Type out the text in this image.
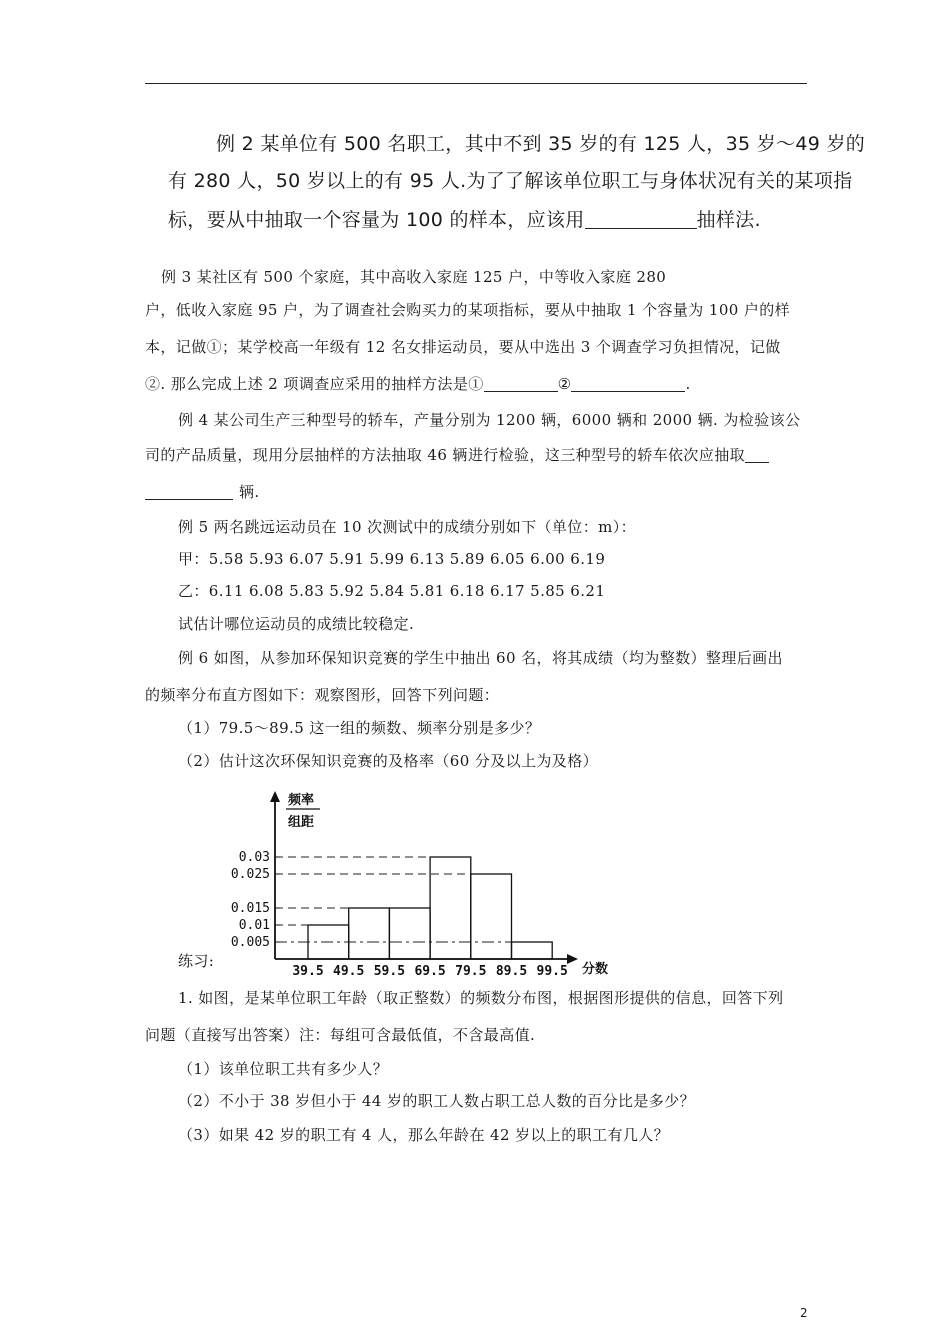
例 2 某单位有 500 名职工，其中不到 35 岁的有 125 人，35 岁～49 岁的
有 280 人，50 岁以上的有 95 人.为了了解该单位职工与身体状况有关的某项指
标，要从中抽取一个容量为 100 的样本，应该用	抽样法.
例 3 某社区有 500 个家庭，其中高收入家庭 125 户，中等收入家庭 280
户，低收入家庭 95 户，为了调查社会购买力的某项指标，要从中抽取 1 个容量为 100 户的样
本，记做①；某学校高一年级有 12 名女排运动员，要从中选出 3 个调查学习负担情况，记做
②. 那么完成上述 2 项调查应采用的抽样方法是①	②	.
例 4 某公司生产三种型号的轿车，产量分别为 1200 辆，6000 辆和 2000 辆. 为检验该公
司的产品质量，现用分层抽样的方法抽取 46 辆进行检验，这三种型号的轿车依次应抽取
辆.
例 5 两名跳远运动员在 10 次测试中的成绩分别如下（单位：m）：
甲：5.58 5.93 6.07 5.91 5.99 6.13 5.89 6.05 6.00 6.19
乙：6.11 6.08 5.83 5.92 5.84 5.81 6.18 6.17 5.85 6.21
试估计哪位运动员的成绩比较稳定.
例 6 如图，从参加环保知识竞赛的学生中抽出 60 名，将其成绩（均为整数）整理后画出
的频率分布直方图如下：观察图形，回答下列问题：
（1）79.5～89.5 这一组的频数、频率分别是多少？
（2）估计这次环保知识竞赛的及格率（60 分及以上为及格）
0.03
0.025
0.015
0.01
0.005
39.5 49.5 59.5 69.5 79.5 89.5 99.5
频率
组距
分数
练习:
1. 如图，是某单位职工年龄（取正整数）的频数分布图，根据图形提供的信息，回答下列
问题（直接写出答案）注：每组可含最低值，不含最高值.
（1）该单位职工共有多少人？
（2）不小于 38 岁但小于 44 岁的职工人数占职工总人数的百分比是多少？
（3）如果 42 岁的职工有 4 人，那么年龄在 42 岁以上的职工有几人？
2
